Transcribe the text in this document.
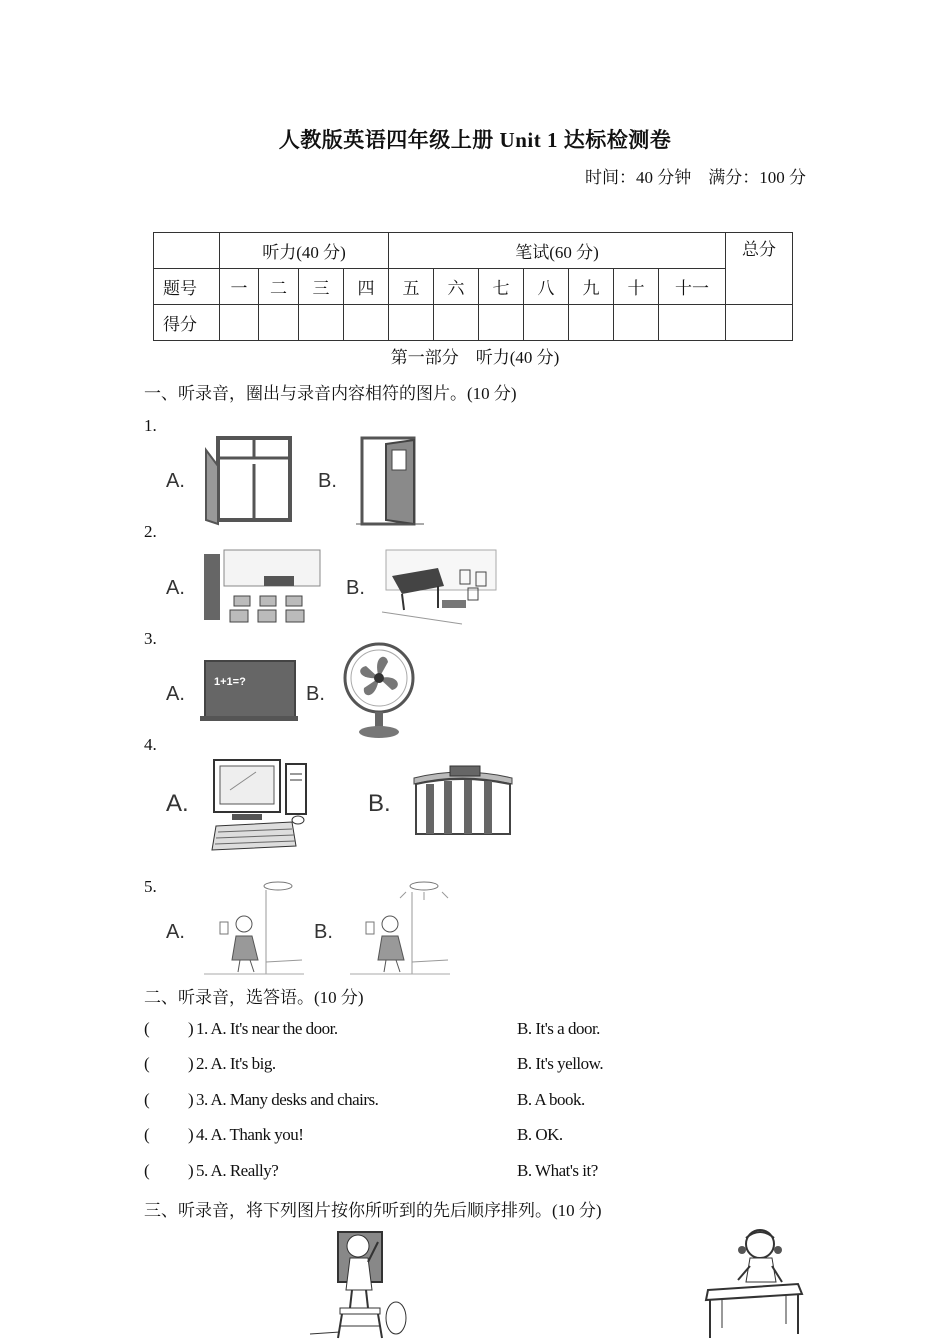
人教版英语四年级上册 Unit 1 达标检测卷
时间：40 分钟　满分：100 分
	听力(40 分)				笔试(60 分)							总分
题号	一	二	三	四	五	六	七	八	九	十	十一	
得分												
第一部分　听力(40 分)
一、听录音，圈出与录音内容相符的图片。(10 分)
1.
A.	B.
2.
A.	B.
3.
A.	B.
1+1=?
4.
A.	B.
5.
A.	B.
二、听录音，选答语。(10 分)
( ) 1. A. It's near the door.	B. It's a door.
( ) 2. A. It's big.	B. It's yellow.
( ) 3. A. Many desks and chairs.	B. A book.
( ) 4. A. Thank you!	B. OK.
( ) 5. A. Really?	B. What's it?
三、听录音，将下列图片按你所听到的先后顺序排列。(10 分)
